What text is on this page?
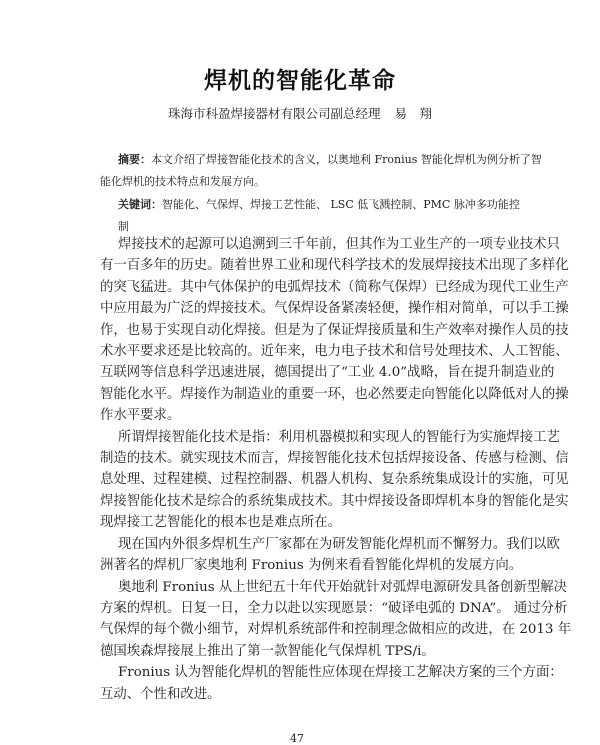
焊机的智能化革命
珠海市科盈焊接器材有限公司副总经理 易　翔
摘要：本文介绍了焊接智能化技术的含义，以奥地利 Fronius 智能化焊机为例分析了智
能化焊机的技术特点和发展方向。
关键词：智能化、气保焊、焊接工艺性能、 LSC 低飞溅控制、PMC 脉冲多功能控制
焊接技术的起源可以追溯到三千年前，但其作为工业生产的一项专业技术只
有一百多年的历史。随着世界工业和现代科学技术的发展焊接技术出现了多样化
的突飞猛进。其中气体保护的电弧焊技术（简称气保焊）已经成为现代工业生产
中应用最为广泛的焊接技术。气保焊设备紧凑轻便，操作相对简单，可以手工操
作，也易于实现自动化焊接。但是为了保证焊接质量和生产效率对操作人员的技
术水平要求还是比较高的。近年来，电力电子技术和信号处理技术、人工智能、
互联网等信息科学迅速进展，德国提出了“工业 4.0”战略，旨在提升制造业的
智能化水平。焊接作为制造业的重要一环，也必然要走向智能化以降低对人的操
作水平要求。
所谓焊接智能化技术是指：利用机器模拟和实现人的智能行为实施焊接工艺
制造的技术。就实现技术而言，焊接智能化技术包括焊接设备、传感与检测、信
息处理、过程建模、过程控制器、机器人机构、复杂系统集成设计的实施，可见
焊接智能化技术是综合的系统集成技术。其中焊接设备即焊机本身的智能化是实
现焊接工艺智能化的根本也是难点所在。
现在国内外很多焊机生产厂家都在为研发智能化焊机而不懈努力。我们以欧
洲著名的焊机厂家奥地利 Fronius 为例来看看智能化焊机的发展方向。
奥地利 Fronius 从上世纪五十年代开始就针对弧焊电源研发具备创新型解决
方案的焊机。日复一日，全力以赴以实现愿景：“破译电弧的 DNA”。 通过分析
气保焊的每个微小细节，对焊机系统部件和控制理念做相应的改进，在 2013 年
德国埃森焊接展上推出了第一款智能化气保焊机 TPS/i。
Fronius 认为智能化焊机的智能性应体现在焊接工艺解决方案的三个方面：
互动、个性和改进。
47
